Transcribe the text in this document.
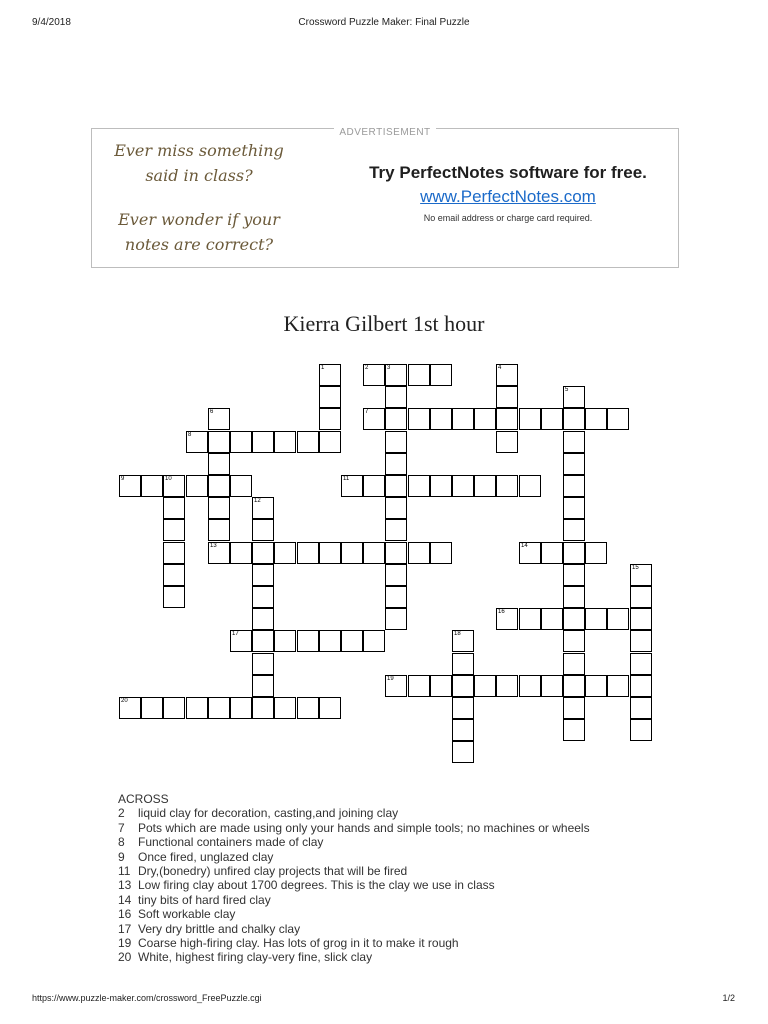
9/4/2018	Crossword Puzzle Maker: Final Puzzle
ADVERTISEMENT
Ever miss something
said in class?
Ever wonder if your
notes are correct?
Try PerfectNotes software for free.
www.PerfectNotes.com
No email address or charge card required.
Kierra Gilbert 1st hour
2	3
7
8
9	10	11
13	14
16
17
19
20
1	4
5
6
12
15
18
ACROSS
2 liquid clay for decoration, casting,and joining clay
7 Pots which are made using only your hands and simple tools; no machines or wheels
8 Functional containers made of clay
9 Once fired, unglazed clay
11 Dry,(bonedry) unfired clay projects that will be fired
13 Low firing clay about 1700 degrees. This is the clay we use in class
14 tiny bits of hard fired clay
16 Soft workable clay
17 Very dry brittle and chalky clay
19 Coarse high-firing clay. Has lots of grog in it to make it rough
20 White, highest firing clay-very fine, slick clay
https://www.puzzle-maker.com/crossword_FreePuzzle.cgi	1/2
